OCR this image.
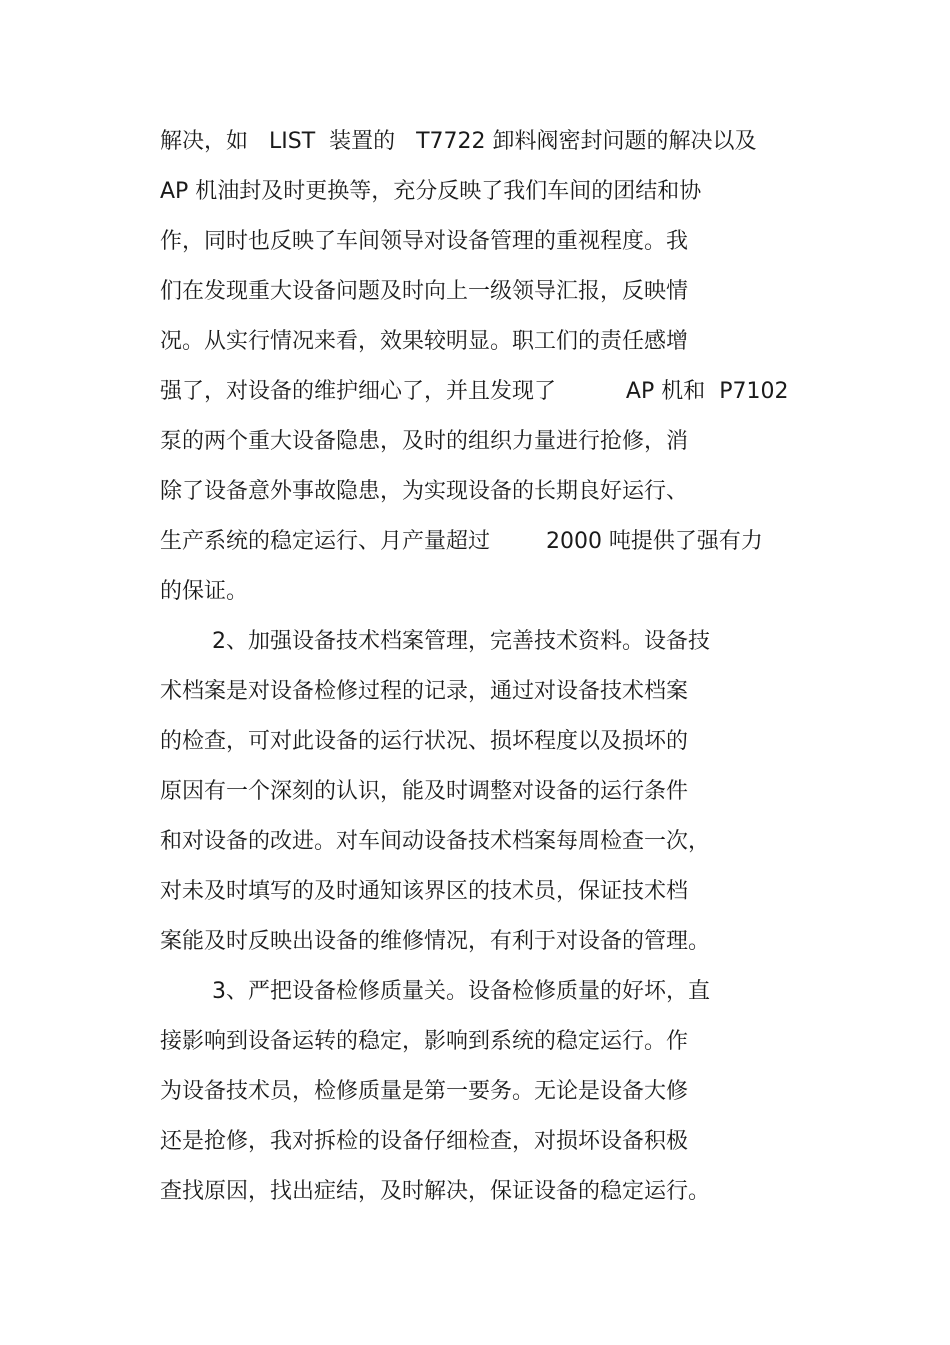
解决，如   LIST  装置的   T7722 卸料阀密封问题的解决以及

AP 机油封及时更换等，充分反映了我们车间的团结和协

作，同时也反映了车间领导对设备管理的重视程度。我

们在发现重大设备问题及时向上一级领导汇报，反映情

况。从实行情况来看，效果较明显。职工们的责任感增

强了，对设备的维护细心了，并且发现了          AP 机和  P7102

泵的两个重大设备隐患，及时的组织力量进行抢修，消

除了设备意外事故隐患，为实现设备的长期良好运行、

生产系统的稳定运行、月产量超过        2000 吨提供了强有力

的保证。

2、加强设备技术档案管理，完善技术资料。设备技

术档案是对设备检修过程的记录，通过对设备技术档案

的检查，可对此设备的运行状况、损坏程度以及损坏的

原因有一个深刻的认识，能及时调整对设备的运行条件

和对设备的改进。对车间动设备技术档案每周检查一次，

对未及时填写的及时通知该界区的技术员，保证技术档

案能及时反映出设备的维修情况，有利于对设备的管理。

3、严把设备检修质量关。设备检修质量的好坏，直

接影响到设备运转的稳定，影响到系统的稳定运行。作

为设备技术员，检修质量是第一要务。无论是设备大修

还是抢修，我对拆检的设备仔细检查，对损坏设备积极

查找原因，找出症结，及时解决，保证设备的稳定运行。
